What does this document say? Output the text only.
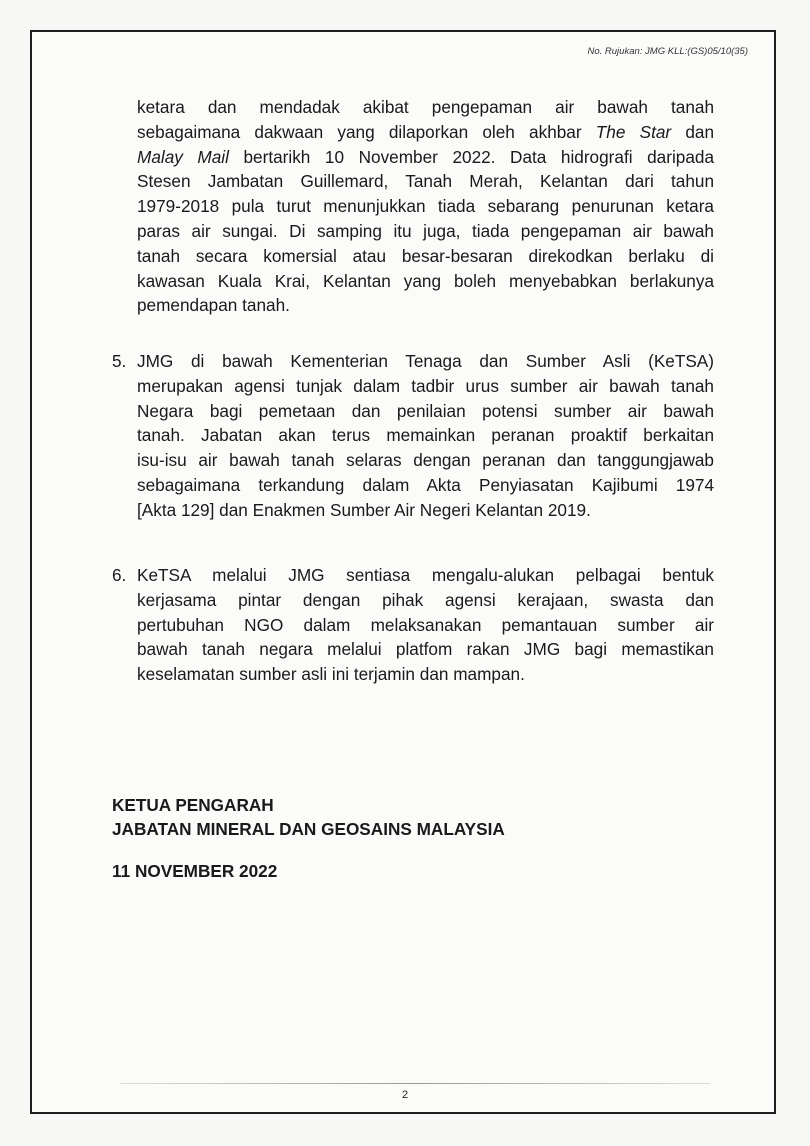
No. Rujukan: JMG KLL:(GS)05/10(35)
ketara dan mendadak akibat pengepaman air bawah tanah
sebagaimana dakwaan yang dilaporkan oleh akhbar The Star dan
Malay Mail bertarikh 10 November 2022. Data hidrografi daripada
Stesen Jambatan Guillemard, Tanah Merah, Kelantan dari tahun
1979-2018 pula turut menunjukkan tiada sebarang penurunan ketara
paras air sungai. Di samping itu juga, tiada pengepaman air bawah
tanah secara komersial atau besar-besaran direkodkan berlaku di
kawasan Kuala Krai, Kelantan yang boleh menyebabkan berlakunya
pemendapan tanah.
5. JMG di bawah Kementerian Tenaga dan Sumber Asli (KeTSA)
merupakan agensi tunjak dalam tadbir urus sumber air bawah tanah
Negara bagi pemetaan dan penilaian potensi sumber air bawah
tanah. Jabatan akan terus memainkan peranan proaktif berkaitan
isu-isu air bawah tanah selaras dengan peranan dan tanggungjawab
sebagaimana terkandung dalam Akta Penyiasatan Kajibumi 1974
[Akta 129] dan Enakmen Sumber Air Negeri Kelantan 2019.
6. KeTSA melalui JMG sentiasa mengalu-alukan pelbagai bentuk
kerjasama pintar dengan pihak agensi kerajaan, swasta dan
pertubuhan NGO dalam melaksanakan pemantauan sumber air
bawah tanah negara melalui platfom rakan JMG bagi memastikan
keselamatan sumber asli ini terjamin dan mampan.
KETUA PENGARAH
JABATAN MINERAL DAN GEOSAINS MALAYSIA
11 NOVEMBER 2022
2
